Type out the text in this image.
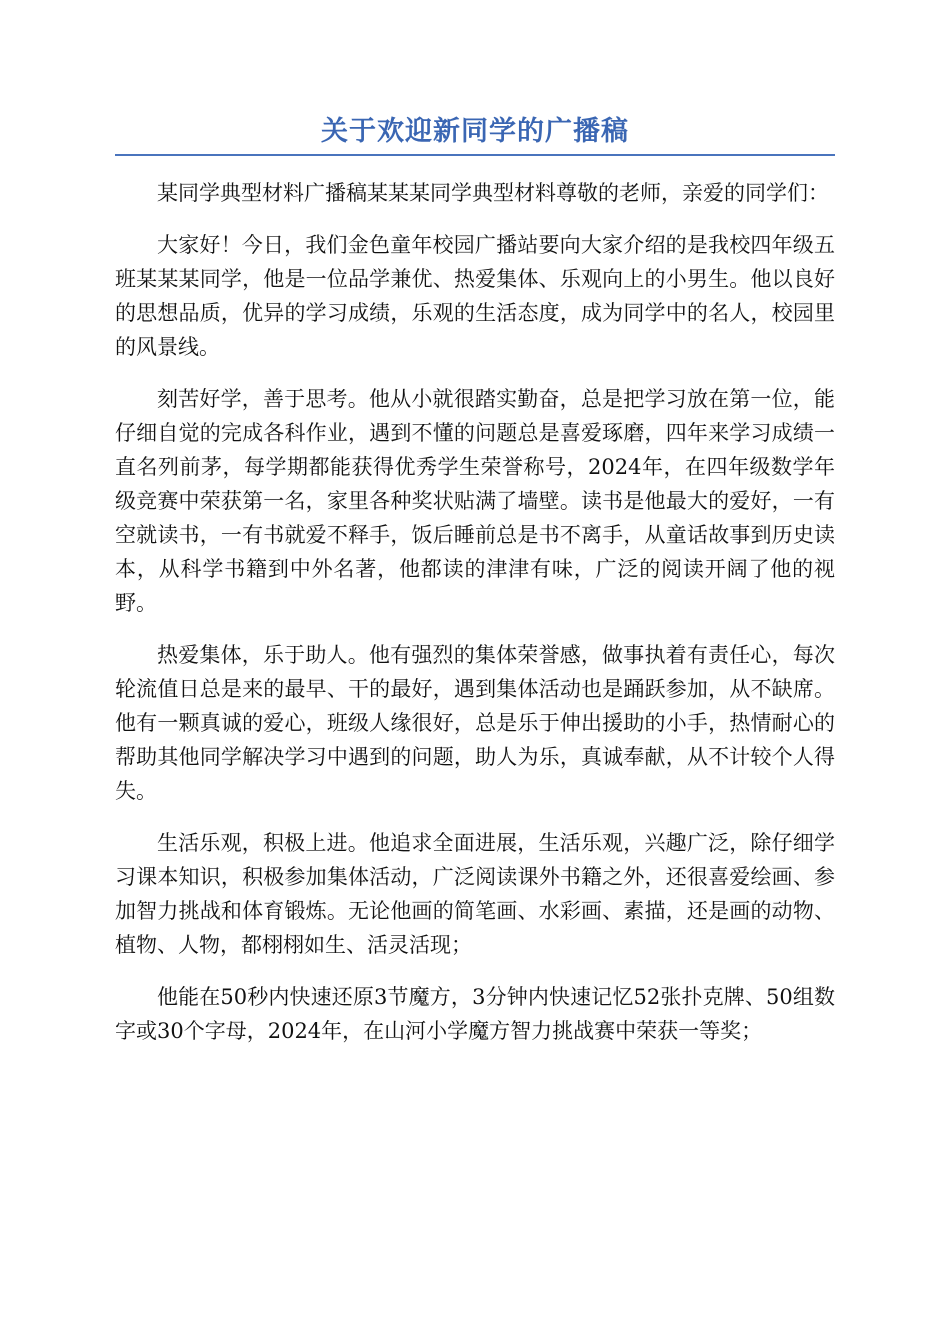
关于欢迎新同学的广播稿

某同学典型材料广播稿某某某同学典型材料尊敬的老师，亲爱的同学们：

大家好！今日，我们金色童年校园广播站要向大家介绍的是我校四年级五班某某某同学，他是一位品学兼优、热爱集体、乐观向上的小男生。他以良好的思想品质，优异的学习成绩，乐观的生活态度，成为同学中的名人，校园里的风景线。

刻苦好学，善于思考。他从小就很踏实勤奋，总是把学习放在第一位，能仔细自觉的完成各科作业，遇到不懂的问题总是喜爱琢磨，四年来学习成绩一直名列前茅，每学期都能获得优秀学生荣誉称号，2024年，在四年级数学年级竞赛中荣获第一名，家里各种奖状贴满了墙壁。读书是他最大的爱好，一有空就读书，一有书就爱不释手，饭后睡前总是书不离手，从童话故事到历史读本，从科学书籍到中外名著，他都读的津津有味，广泛的阅读开阔了他的视野。

热爱集体，乐于助人。他有强烈的集体荣誉感，做事执着有责任心，每次轮流值日总是来的最早、干的最好，遇到集体活动也是踊跃参加，从不缺席。他有一颗真诚的爱心，班级人缘很好，总是乐于伸出援助的小手，热情耐心的帮助其他同学解决学习中遇到的问题，助人为乐，真诚奉献，从不计较个人得失。

生活乐观，积极上进。他追求全面进展，生活乐观，兴趣广泛，除仔细学习课本知识，积极参加集体活动，广泛阅读课外书籍之外，还很喜爱绘画、参加智力挑战和体育锻炼。无论他画的简笔画、水彩画、素描，还是画的动物、植物、人物，都栩栩如生、活灵活现；

他能在50秒内快速还原3节魔方，3分钟内快速记忆52张扑克牌、50组数字或30个字母，2024年，在山河小学魔方智力挑战赛中荣获一等奖；
